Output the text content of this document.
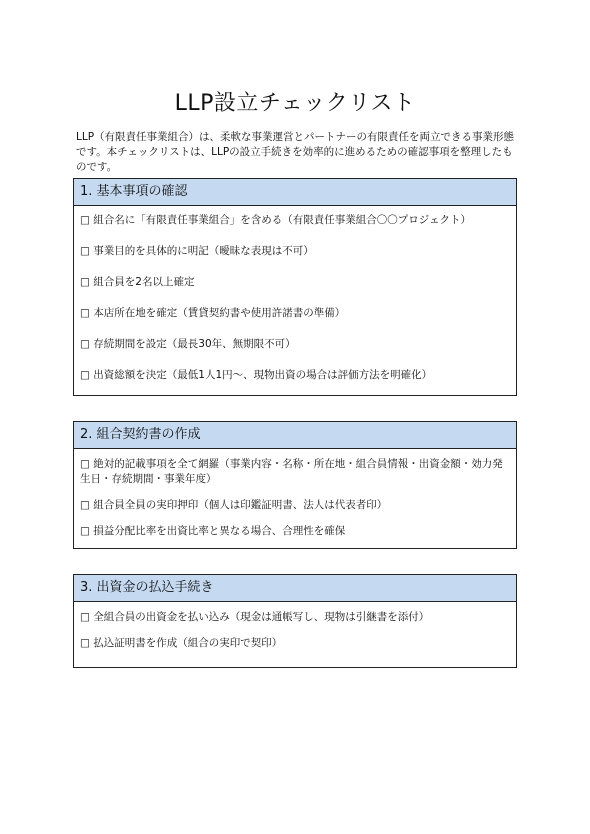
LLP設立チェックリスト
LLP（有限責任事業組合）は、柔軟な事業運営とパートナーの有限責任を両立できる事業形態です。本チェックリストは、LLPの設立手続きを効率的に進めるための確認事項を整理したものです。
1. 基本事項の確認
□ 組合名に「有限責任事業組合」を含める（有限責任事業組合〇〇プロジェクト）
□ 事業目的を具体的に明記（曖昧な表現は不可）
□ 組合員を2名以上確定
□ 本店所在地を確定（賃貸契約書や使用許諾書の準備）
□ 存続期間を設定（最長30年、無期限不可）
□ 出資総額を決定（最低1人1円〜、現物出資の場合は評価方法を明確化）
2. 組合契約書の作成
□ 絶対的記載事項を全て網羅（事業内容・名称・所在地・組合員情報・出資金額・効力発生日・存続期間・事業年度）
□ 組合員全員の実印押印（個人は印鑑証明書、法人は代表者印）
□ 損益分配比率を出資比率と異なる場合、合理性を確保
3. 出資金の払込手続き
□ 全組合員の出資金を払い込み（現金は通帳写し、現物は引継書を添付）
□ 払込証明書を作成（組合の実印で契印）
